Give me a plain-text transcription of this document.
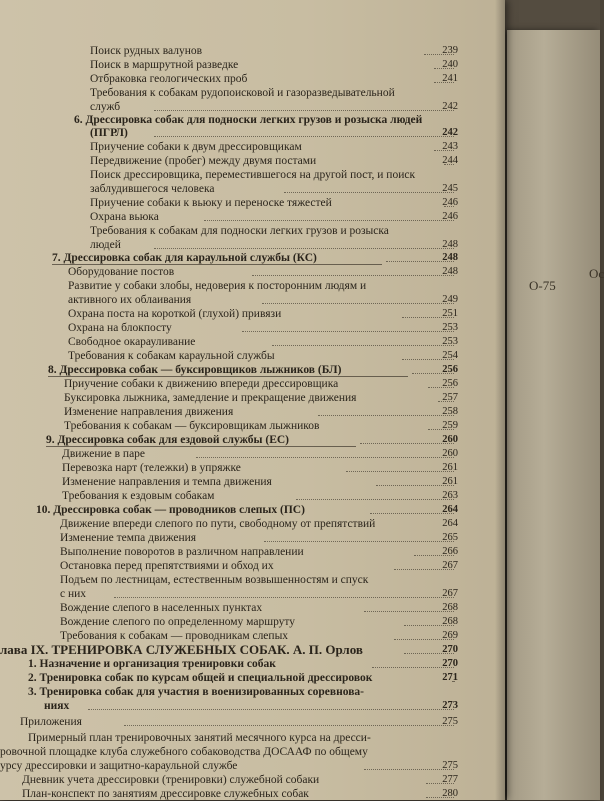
О-75
Ос
Поиск рудных валунов	239
Поиск в маршрутной разведке	240
Отбраковка геологических проб	241
Требования к собакам рудопоисковой и газоразведывательной
служб	242
6. Дрессировка собак для подноски легких грузов и розыска людей
(ПГРЛ)	242
Приучение собаки к двум дрессировщикам	243
Передвижение (пробег) между двумя постами	244
Поиск дрессировщика, переместившегося на другой пост, и поиск
заблудившегося человека	245
Приучение собаки к вьюку и переноске тяжестей	246
Охрана вьюка	246
Требования к собакам для подноски легких грузов и розыска
людей	248
7. Дрессировка собак для караульной службы (КС)	248
Оборудование постов	248
Развитие у собаки злобы, недоверия к посторонним людям и
активного их облаивания	249
Охрана поста на короткой (глухой) привязи	251
Охрана на блокпосту	253
Свободное окарауливание	253
Требования к собакам караульной службы	254
8. Дрессировка собак — буксировщиков лыжников (БЛ)	256
Приучение собаки к движению впереди дрессировщика	256
Буксировка лыжника, замедление и прекращение движения	257
Изменение направления движения	258
Требования к собакам — буксировщикам лыжников	259
9. Дрессировка собак для ездовой службы (ЕС)	260
Движение в паре	260
Перевозка нарт (тележки) в упряжке	261
Изменение направления и темпа движения	261
Требования к ездовым собакам	263
10. Дрессировка собак — проводников слепых (ПС)	264
Движение впереди слепого по пути, свободному от препятствий	264
Изменение темпа движения	265
Выполнение поворотов в различном направлении	266
Остановка перед препятствиями и обход их	267
Подъем по лестницам, естественным возвышенностям и спуск
с них	267
Вождение слепого в населенных пунктах	268
Вождение слепого по определенному маршруту	268
Требования к собакам — проводникам слепых	269
лава IX. ТРЕНИРОВКА СЛУЖЕБНЫХ СОБАК. А. П. Орлов	270
1. Назначение и организация тренировки собак	270
2. Тренировка собак по курсам общей и специальной дрессировок	271
3. Тренировка собак для участия в военизированных соревнова-
ниях	273
Приложения	275
Примерный план тренировочных занятий месячного курса на дресси-
ровочной площадке клуба служебного собаководства ДОСААФ по общему
урсу дрессировки и защитно-караульной службе	275
Дневник учета дрессировки (тренировки) служебной собаки	277
План-конспект по занятиям дрессировке служебных собак	280
